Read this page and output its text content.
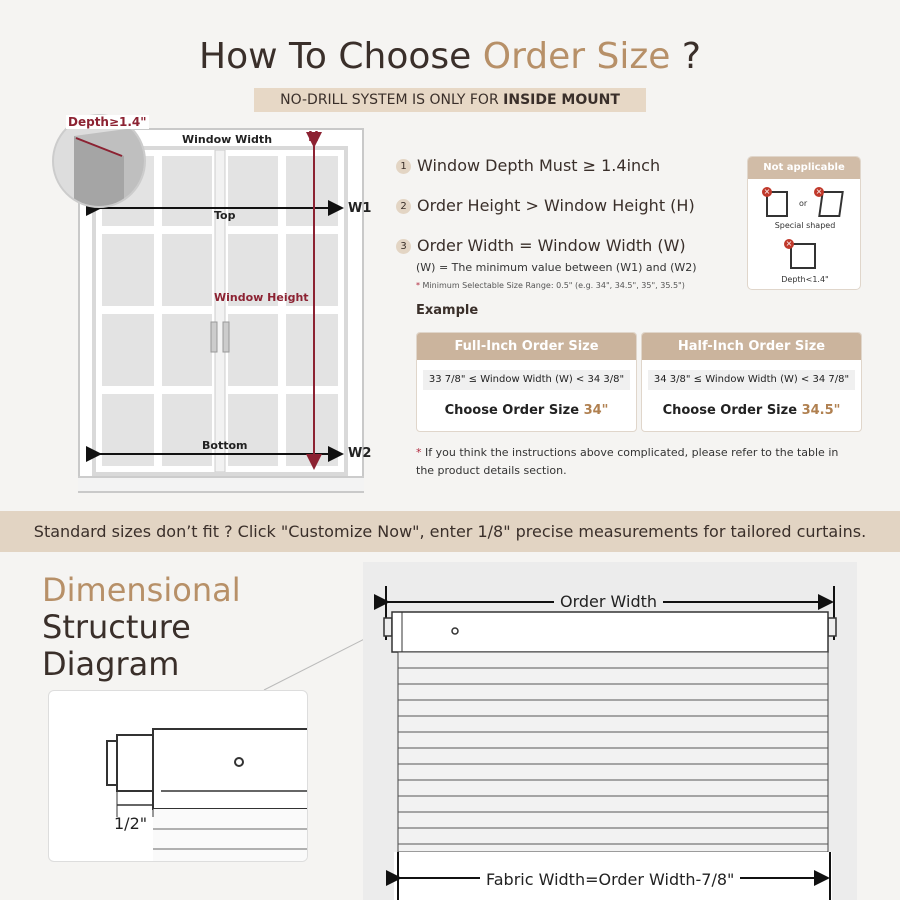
How To Choose Order Size ?
NO-DRILL SYSTEM IS ONLY FOR INSIDE MOUNT
Window Width	H
Top	W1
Window Height
Bottom
W2
Depth≥1.4"
1 Window Depth Must ≥ 1.4inch
2 Order Height > Window Height (H)
3 Order Width = Window Width (W)
(W) = The minimum value between (W1) and (W2)
* Minimum Selectable Size Range: 0.5" (e.g. 34", 34.5", 35", 35.5")
Example
Full-Inch Order Size
33 7/8" ≤ Window Width (W) < 34 3/8"
Choose Order Size 34"
Half-Inch Order Size
34 3/8" ≤ Window Width (W) < 34 7/8"
Choose Order Size 34.5"
* If you think the instructions above complicated, please refer to the table in the product details section.
Not applicable
×
or
×
Special shaped
×
Depth<1.4"
Standard sizes don’t fit ? Click "Customize Now", enter 1/8" precise measurements for tailored curtains.
Dimensional
Structure
Diagram
1/2"
Order Width
Fabric Width=Order Width-7/8"
